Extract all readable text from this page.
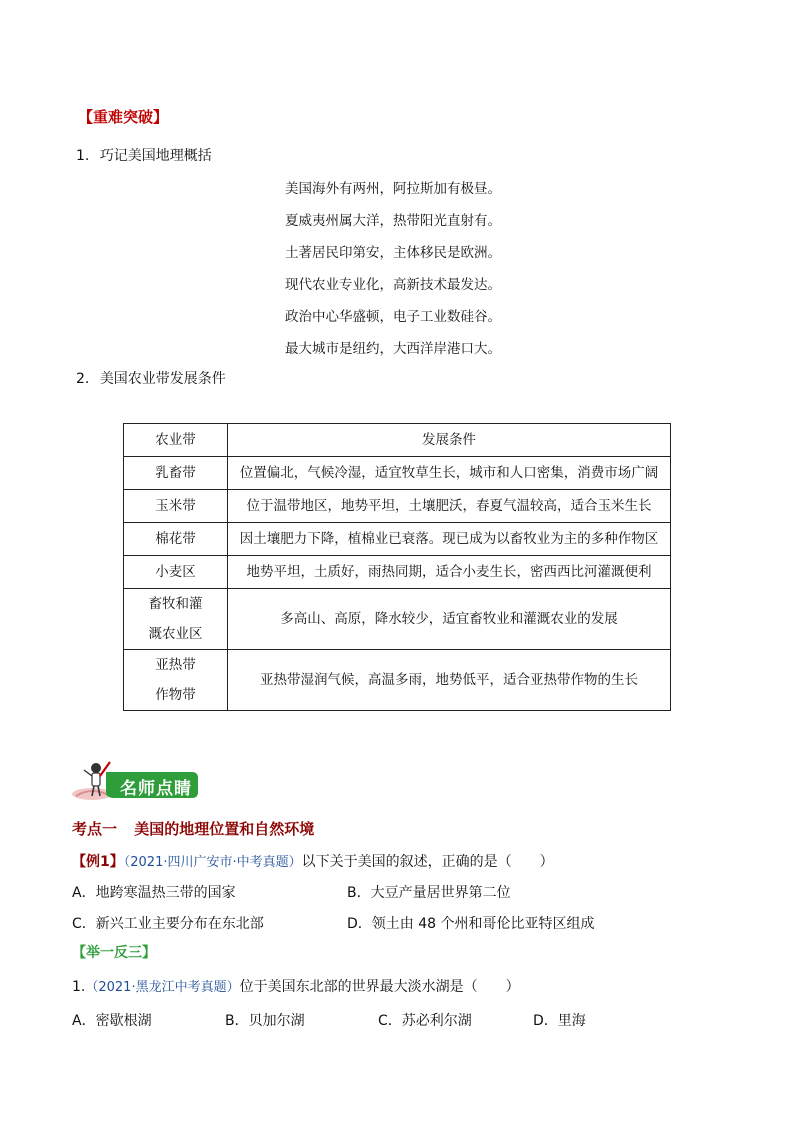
【重难突破】
1. 巧记美国地理概括
美国海外有两州，阿拉斯加有极昼。
夏威夷州属大洋，热带阳光直射有。
土著居民印第安，主体移民是欧洲。
现代农业专业化，高新技术最发达。
政治中心华盛顿，电子工业数硅谷。
最大城市是纽约，大西洋岸港口大。
2. 美国农业带发展条件
农业带	发展条件
乳畜带	位置偏北，气候冷湿，适宜牧草生长，城市和人口密集，消费市场广阔
玉米带	位于温带地区，地势平坦，土壤肥沃，春夏气温较高，适合玉米生长
棉花带	因土壤肥力下降，植棉业已衰落。现已成为以畜牧业为主的多种作物区
小麦区	地势平坦，土质好，雨热同期，适合小麦生长，密西西比河灌溉便利

畜牧和灌
溉农业区	多高山、高原，降水较少，适宜畜牧业和灌溉农业的发展

亚热带
作物带	亚热带湿润气候，高温多雨，地势低平，适合亚热带作物的生长
名师点睛
考点一 美国的地理位置和自然环境
【例1】（2021·四川广安市·中考真题）以下关于美国的叙述，正确的是（　　）
A．地跨寒温热三带的国家	B．大豆产量居世界第二位
C．新兴工业主要分布在东北部	D．领土由 48 个州和哥伦比亚特区组成
【举一反三】
1.（2021·黑龙江中考真题）位于美国东北部的世界最大淡水湖是（　　）
A．密歇根湖	B．贝加尔湖	C．苏必利尔湖	D．里海
